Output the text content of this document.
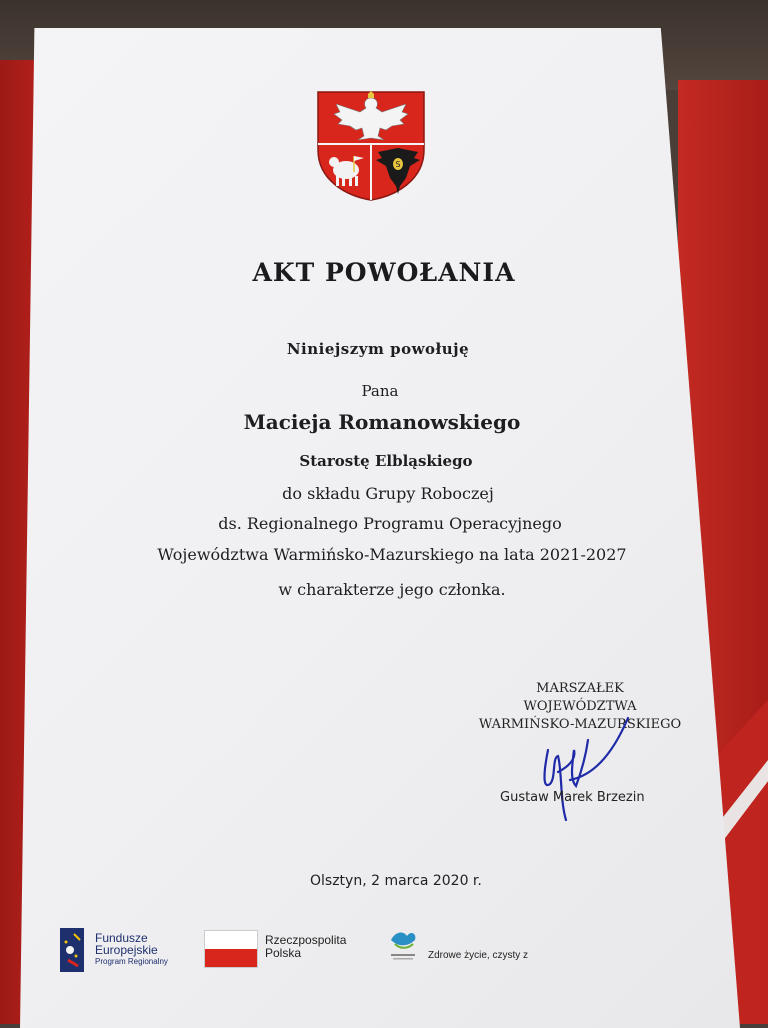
S
AKT POWOŁANIA
Niniejszym powołuję
Pana
Macieja Romanowskiego
Starostę Elbląskiego
do składu Grupy Roboczej
ds. Regionalnego Programu Operacyjnego
Województwa Warmińsko-Mazurskiego na lata 2021-2027
w charakterze jego członka.
MARSZAŁEK
WOJEWÓDZTWA
WARMIŃSKO-MAZURSKIEGO
Gustaw Marek Brzezin
Olsztyn, 2 marca 2020 r.
Fundusze
Europejskie
Program Regionalny
Rzeczpospolita
Polska	Zdrowe życie, czysty z
